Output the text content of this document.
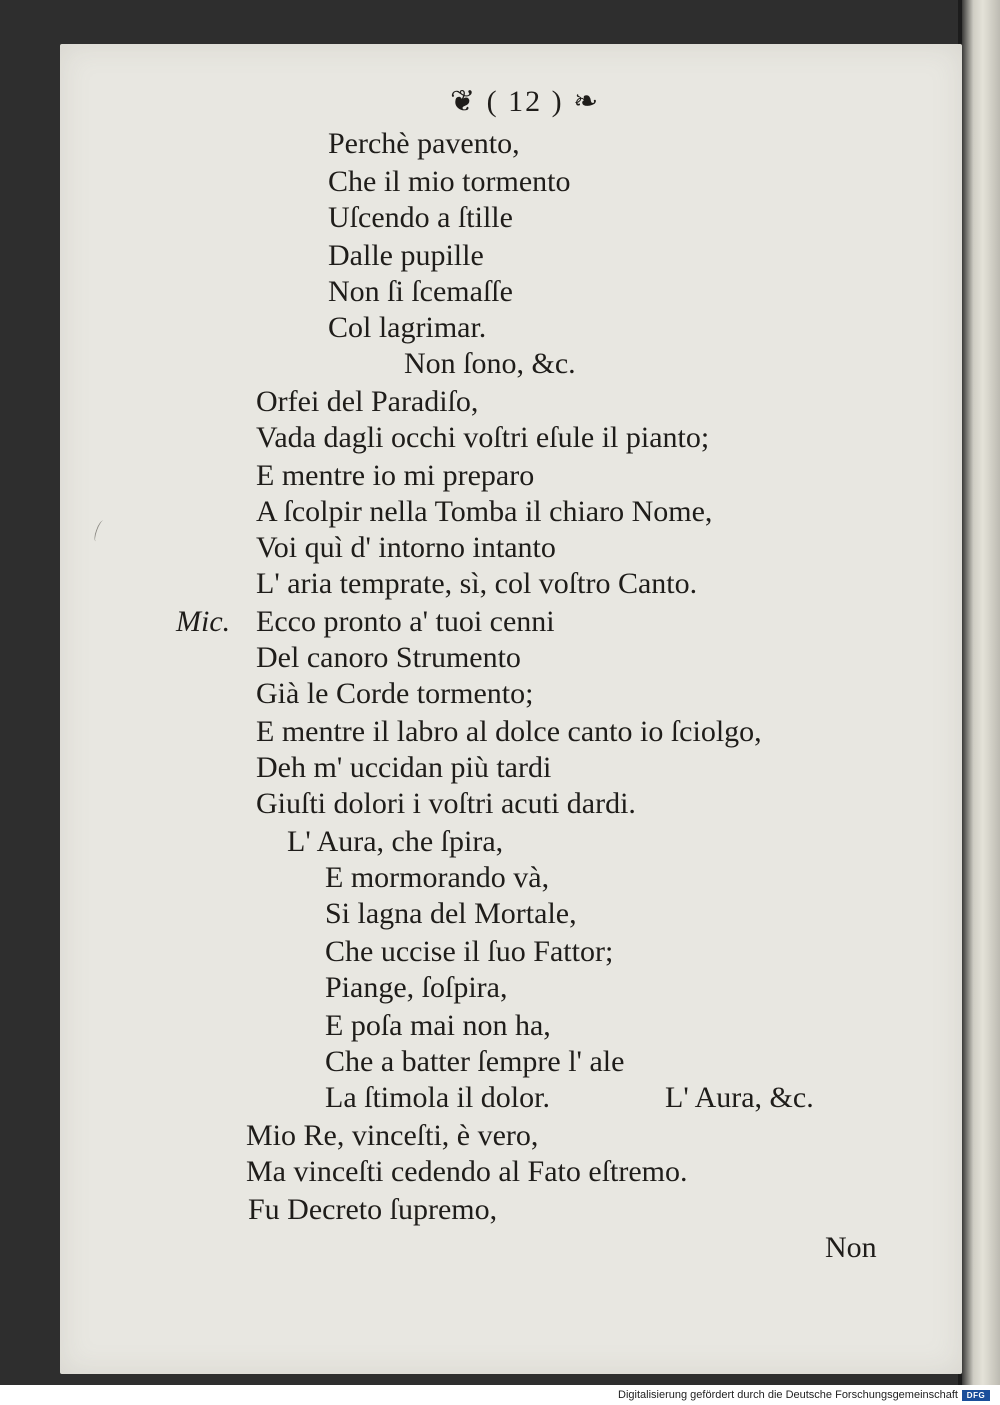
❦ ( 12 ) ❧
Perchè pavento,
Che il mio tormento
Uſcendo a ſtille
Dalle pupille
Non ſi ſcemaſſe
Col lagrimar.
Non ſono, &c.
Orfei del Paradiſo,
Vada dagli occhi voſtri eſule il pianto;
E mentre io mi preparo
A ſcolpir nella Tomba il chiaro Nome,
Voi quì d' intorno intanto
L' aria temprate, sì, col voſtro Canto.
Mic. Ecco pronto a' tuoi cenni
Del canoro Strumento
Già le Corde tormento;
E mentre il labro al dolce canto io ſciolgo,
Deh m' uccidan più tardi
Giuſti dolori i voſtri acuti dardi.
L' Aura, che ſpira,
E mormorando và,
Si lagna del Mortale,
Che uccise il ſuo Fattor;
Piange, ſoſpira,
E poſa mai non ha,
Che a batter ſempre l' ale
La ſtimola il dolor.	L' Aura, &c.
Mio Re, vinceſti, è vero,
Ma vinceſti cedendo al Fato eſtremo.
Fu Decreto ſupremo,
Non
Digitalisierung gefördert durch die Deutsche Forschungsgemeinschaft	DFG
